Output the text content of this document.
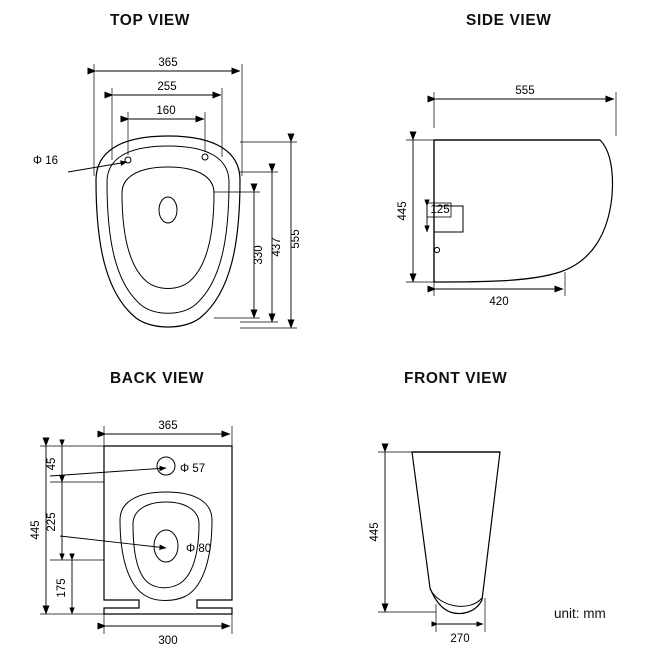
TOP VIEW	SIDE VIEW
BACK VIEW	FRONT VIEW
unit: mm
365
255
160
Φ 16
555
437
330
555
445 125
420
365
445
45
225
175
Φ 57
Φ 80
300
445
270
